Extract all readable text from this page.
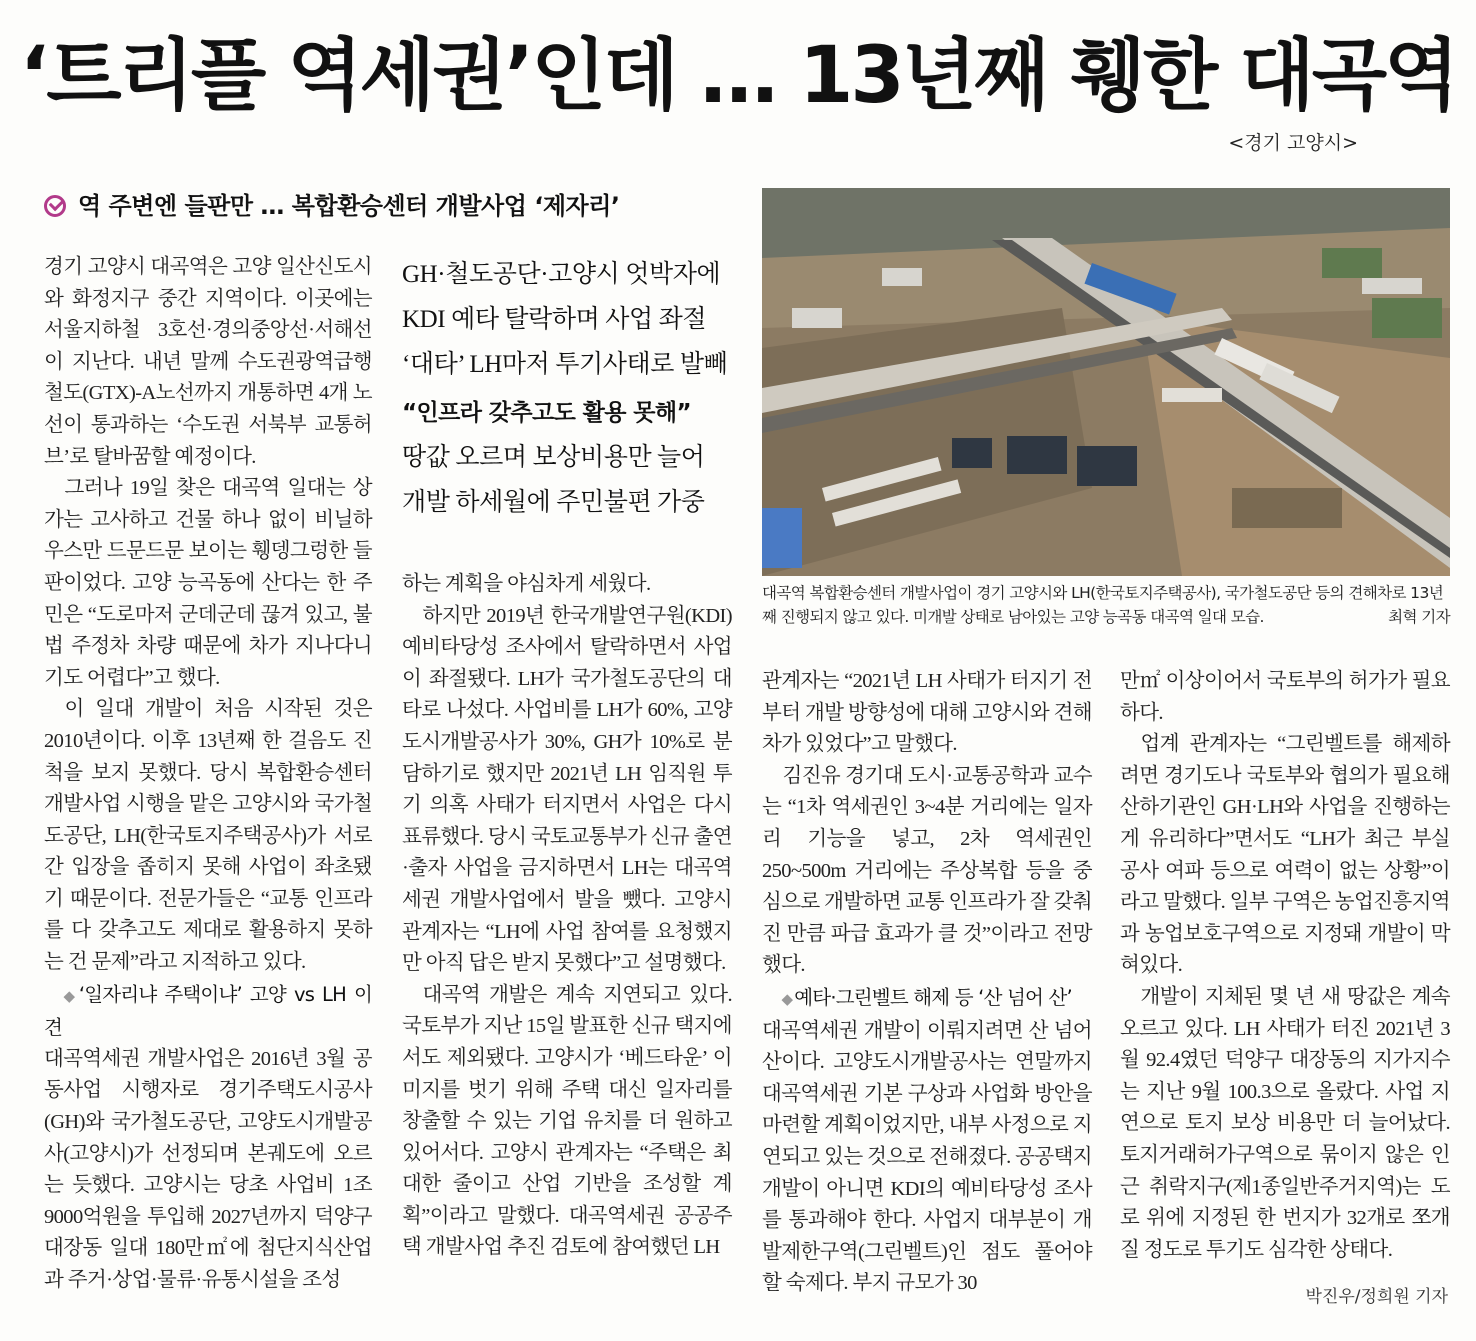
‘트리플 역세권’인데 … 13년째 휑한 대곡역
<경기 고양시>
역 주변엔 들판만 … 복합환승센터 개발사업 ‘제자리’

경기 고양시 대곡역은 고양 일산신도시와 화정지구 중간 지역이다. 이곳에는 서울지하철 3호선·경의중앙선·서해선이 지난다. 내년 말께 수도권광역급행철도(GTX)-A노선까지 개통하면 4개 노선이 통과하는 ‘수도권 서북부 교통허브’로 탈바꿈할 예정이다.

그러나 19일 찾은 대곡역 일대는 상가는 고사하고 건물 하나 없이 비닐하우스만 드문드문 보이는 휑뎅그렁한 들판이었다. 고양 능곡동에 산다는 한 주민은 “도로마저 군데군데 끊겨 있고, 불법 주정차 차량 때문에 차가 지나다니기도 어렵다”고 했다.

이 일대 개발이 처음 시작된 것은 2010년이다. 이후 13년째 한 걸음도 진척을 보지 못했다. 당시 복합환승센터 개발사업 시행을 맡은 고양시와 국가철도공단, LH(한국토지주택공사)가 서로 간 입장을 좁히지 못해 사업이 좌초됐기 때문이다. 전문가들은 “교통 인프라를 다 갖추고도 제대로 활용하지 못하는 건 문제”라고 지적하고 있다.

◆ ‘일자리냐 주택이냐’ 고양 vs LH 이견

대곡역세권 개발사업은 2016년 3월 공동사업 시행자로 경기주택도시공사(GH)와 국가철도공단, 고양도시개발공사(고양시)가 선정되며 본궤도에 오르는 듯했다. 고양시는 당초 사업비 1조9000억원을 투입해 2027년까지 덕양구 대장동 일대 180만㎡에 첨단지식산업과 주거·상업·물류·유통시설을 조성

GH·철도공단·고양시 엇박자에

KDI 예타 탈락하며 사업 좌절

‘대타’ LH마저 투기사태로 발빼

“인프라 갖추고도 활용 못해”

땅값 오르며 보상비용만 늘어

개발 하세월에 주민불편 가중

하는 계획을 야심차게 세웠다.

하지만 2019년 한국개발연구원(KDI) 예비타당성 조사에서 탈락하면서 사업이 좌절됐다. LH가 국가철도공단의 대타로 나섰다. 사업비를 LH가 60%, 고양도시개발공사가 30%, GH가 10%로 분담하기로 했지만 2021년 LH 임직원 투기 의혹 사태가 터지면서 사업은 다시 표류했다. 당시 국토교통부가 신규 출연·출자 사업을 금지하면서 LH는 대곡역세권 개발사업에서 발을 뺐다. 고양시 관계자는 “LH에 사업 참여를 요청했지만 아직 답은 받지 못했다”고 설명했다.

대곡역 개발은 계속 지연되고 있다. 국토부가 지난 15일 발표한 신규 택지에서도 제외됐다. 고양시가 ‘베드타운’ 이미지를 벗기 위해 주택 대신 일자리를 창출할 수 있는 기업 유치를 더 원하고 있어서다. 고양시 관계자는 “주택은 최대한 줄이고 산업 기반을 조성할 계획”이라고 말했다. 대곡역세권 공공주택 개발사업 추진 검토에 참여했던 LH

대곡역 복합환승센터 개발사업이 경기 고양시와 LH(한국토지주택공사), 국가철도공단 등의 견해차로 13년째 진행되지 않고 있다. 미개발 상태로 남아있는 고양 능곡동 대곡역 일대 모습.	최혁 기자

관계자는 “2021년 LH 사태가 터지기 전부터 개발 방향성에 대해 고양시와 견해차가 있었다”고 말했다.

김진유 경기대 도시·교통공학과 교수는 “1차 역세권인 3~4분 거리에는 일자리 기능을 넣고, 2차 역세권인 250~500m 거리에는 주상복합 등을 중심으로 개발하면 교통 인프라가 잘 갖춰진 만큼 파급 효과가 클 것”이라고 전망했다.

◆ 예타·그린벨트 해제 등 ‘산 넘어 산’

대곡역세권 개발이 이뤄지려면 산 넘어 산이다. 고양도시개발공사는 연말까지 대곡역세권 기본 구상과 사업화 방안을 마련할 계획이었지만, 내부 사정으로 지연되고 있는 것으로 전해졌다. 공공택지 개발이 아니면 KDI의 예비타당성 조사를 통과해야 한다. 사업지 대부분이 개발제한구역(그린벨트)인 점도 풀어야 할 숙제다. 부지 규모가 30

만㎡ 이상이어서 국토부의 허가가 필요하다.

업계 관계자는 “그린벨트를 해제하려면 경기도나 국토부와 협의가 필요해 산하기관인 GH·LH와 사업을 진행하는 게 유리하다”면서도 “LH가 최근 부실 공사 여파 등으로 여력이 없는 상황”이라고 말했다. 일부 구역은 농업진흥지역과 농업보호구역으로 지정돼 개발이 막혀있다.

개발이 지체된 몇 년 새 땅값은 계속 오르고 있다. LH 사태가 터진 2021년 3월 92.4였던 덕양구 대장동의 지가지수는 지난 9월 100.3으로 올랐다. 사업 지연으로 토지 보상 비용만 더 늘어났다. 토지거래허가구역으로 묶이지 않은 인근 취락지구(제1종일반주거지역)는 도로 위에 지정된 한 번지가 32개로 쪼개질 정도로 투기도 심각한 상태다.

박진우/정희원 기자
